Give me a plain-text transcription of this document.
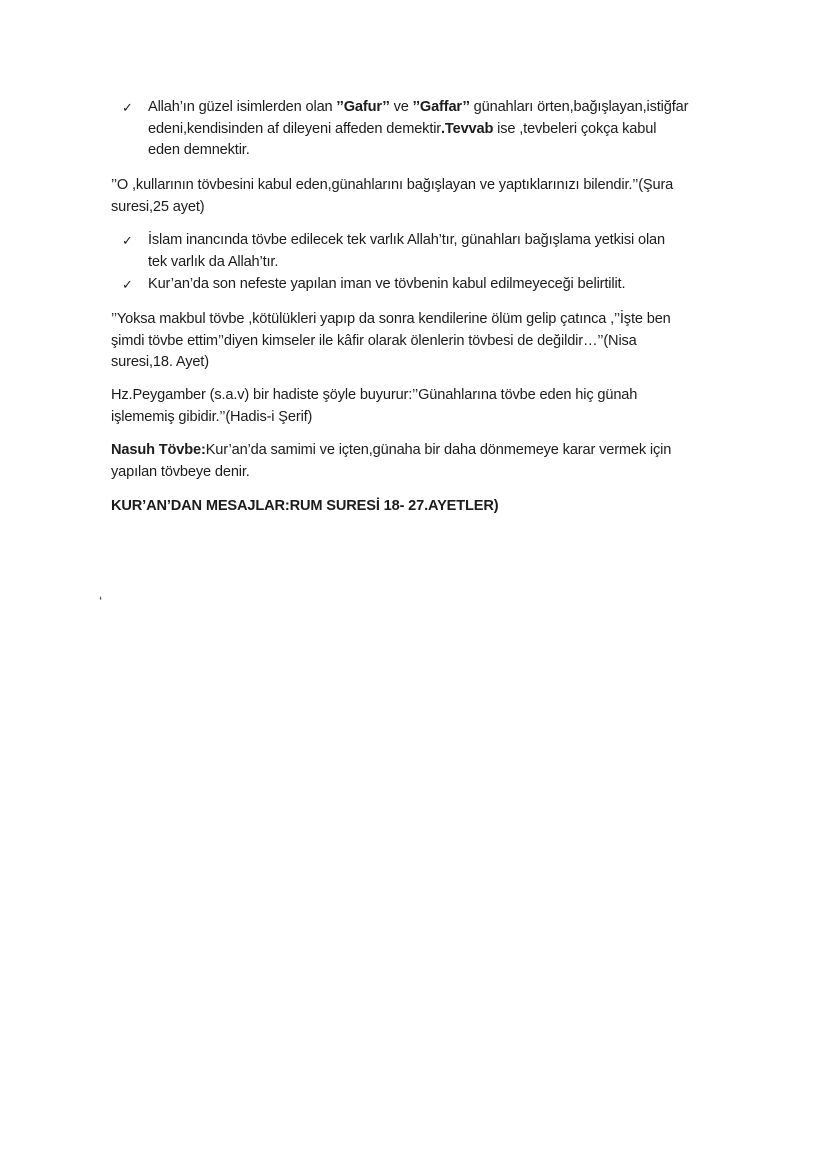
✓ Allah’ın güzel isimlerden olan ’’Gafur’’ ve ’’Gaffar’’ günahları örten,bağışlayan,istiğfar
edeni,kendisinden af dileyeni affeden demektir.Tevvab ise ,tevbeleri çokça kabul
eden demnektir.
’’O ,kullarının tövbesini kabul eden,günahlarını bağışlayan ve yaptıklarınızı bilendir.’’(Şura
suresi,25 ayet)
✓ İslam inancında tövbe edilecek tek varlık Allah’tır, günahları bağışlama yetkisi olan
tek varlık da Allah’tır.
✓ Kur’an’da son nefeste yapılan iman ve tövbenin kabul edilmeyeceği belirtilit.
’’Yoksa makbul tövbe ,kötülükleri yapıp da sonra kendilerine ölüm gelip çatınca ,’’İşte ben
şimdi tövbe ettim’’diyen kimseler ile kâfir olarak ölenlerin tövbesi de değildir…’’(Nisa
suresi,18. Ayet)
Hz.Peygamber (s.a.v) bir hadiste şöyle buyurur:’’Günahlarına tövbe eden hiç günah
işlememiş gibidir.’’(Hadis-i Şerif)
Nasuh Tövbe:Kur’an’da samimi ve içten,günaha bir daha dönmemeye karar vermek için
yapılan tövbeye denir.
KUR’AN’DAN MESAJLAR:RUM SURESİ 18- 27.AYETLER)
‘
